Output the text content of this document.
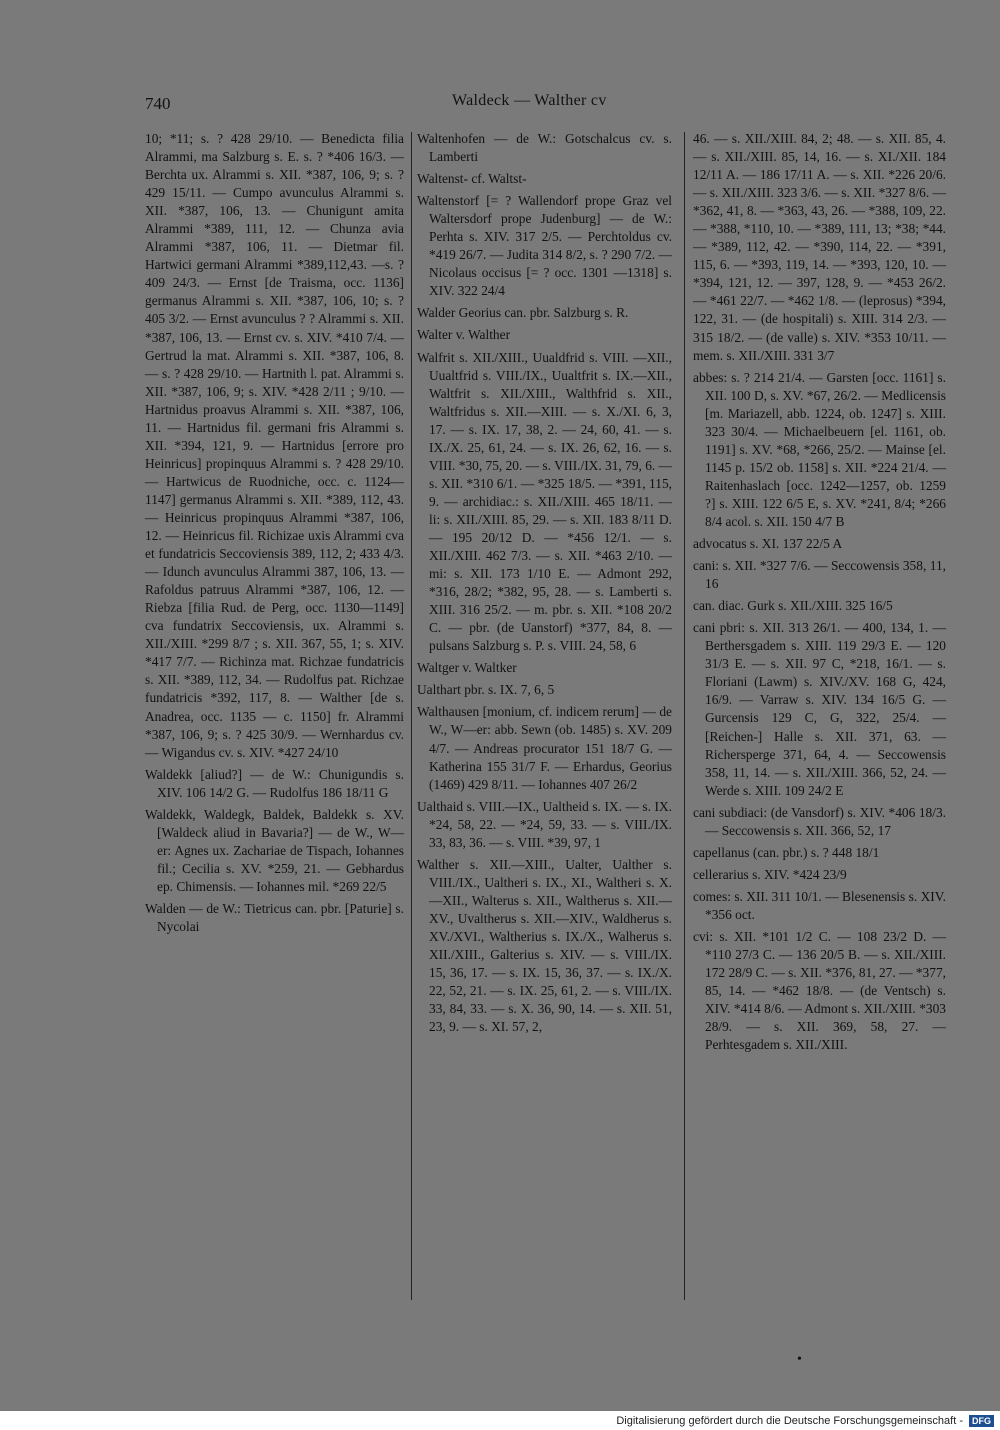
740	Waldeck — Walther cv

10; *11; s. ? 428 29/10. — Benedicta filia Alrammi, ma Salzburg s. E. s. ? *406 16/3. — Berchta ux. Alrammi s. XII. *387, 106, 9; s. ? 429 15/11. — Cumpo avunculus Alrammi s. XII. *387, 106, 13. — Chunigunt amita Alrammi *389, 111, 12. — Chunza avia Alrammi *387, 106, 11. — Dietmar fil. Hartwici germani Alrammi *389,112,43. —s. ? 409 24/3. — Ernst [de Traisma, occ. 1136] germanus Alrammi s. XII. *387, 106, 10; s. ? 405 3/2. — Ernst avunculus ? ? Alrammi s. XII. *387, 106, 13. — Ernst cv. s. XIV. *410 7/4. — Gertrud la mat. Alrammi s. XII. *387, 106, 8. — s. ? 428 29/10. — Hartnith l. pat. Alrammi s. XII. *387, 106, 9; s. XIV. *428 2/11 ; 9/10. — Hartnidus proavus Alrammi s. XII. *387, 106, 11. — Hartnidus fil. germani fris Alrammi s. XII. *394, 121, 9. — Hartnidus [errore pro Heinricus] propinquus Alrammi s. ? 428 29/10. — Hartwicus de Ruodniche, occ. c. 1124—1147] germanus Alrammi s. XII. *389, 112, 43. — Heinricus propinquus Alrammi *387, 106, 12. — Heinricus fil. Richizae uxis Alrammi cva et fundatricis Seccoviensis 389, 112, 2; 433 4/3. — Idunch avunculus Alrammi 387, 106, 13. — Rafoldus patruus Alrammi *387, 106, 12. — Riebza [filia Rud. de Perg, occ. 1130—1149] cva fundatrix Seccoviensis, ux. Alrammi s. XII./XIII. *299 8/7 ; s. XII. 367, 55, 1; s. XIV. *417 7/7. — Richinza mat. Richzae fundatricis s. XII. *389, 112, 34. — Rudolfus pat. Richzae fundatricis *392, 117, 8. — Walther [de s. Anadrea, occ. 1135 — c. 1150] fr. Alrammi *387, 106, 9; s. ? 425 30/9. — Wernhardus cv. — Wigandus cv. s. XIV. *427 24/10

Waldekk [aliud?] — de W.: Chunigundis s. XIV. 106 14/2 G. — Rudolfus 186 18/11 G

Waldekk, Waldegk, Baldek, Baldekk s. XV. [Waldeck aliud in Bavaria?] — de W., W—er: Agnes ux. Zachariae de Tispach, Iohannes fil.; Cecilia s. XV. *259, 21. — Gebhardus ep. Chimensis. — Iohannes mil. *269 22/5

Walden — de W.: Tietricus can. pbr. [Paturie] s. Nycolai

Waltenhofen — de W.: Gotschalcus cv. s. Lamberti

Waltenst- cf. Waltst-

Waltenstorf [= ? Wallendorf prope Graz vel Waltersdorf prope Judenburg] — de W.: Perhta s. XIV. 317 2/5. — Perchtoldus cv. *419 26/7. — Judita 314 8/2, s. ? 290 7/2. — Nicolaus occisus [= ? occ. 1301 —1318] s. XIV. 322 24/4

Walder Georius can. pbr. Salzburg s. R.

Walter v. Walther

Walfrit s. XII./XIII., Uualdfrid s. VIII. —XII., Uualtfrid s. VIII./IX., Uualtfrit s. IX.—XII., Waltfrit s. XII./XIII., Walthfrid s. XII., Waltfridus s. XII.—XIII. — s. X./XI. 6, 3, 17. — s. IX. 17, 38, 2. — 24, 60, 41. — s. IX./X. 25, 61, 24. — s. IX. 26, 62, 16. — s. VIII. *30, 75, 20. — s. VIII./IX. 31, 79, 6. — s. XII. *310 6/1. — *325 18/5. — *391, 115, 9. — archidiac.: s. XII./XIII. 465 18/11. — li: s. XII./XIII. 85, 29. — s. XII. 183 8/11 D. — 195 20/12 D. — *456 12/1. — s. XII./XIII. 462 7/3. — s. XII. *463 2/10. — mi: s. XII. 173 1/10 E. — Admont 292, *316, 28/2; *382, 95, 28. — s. Lamberti s. XIII. 316 25/2. — m. pbr. s. XII. *108 20/2 C. — pbr. (de Uanstorf) *377, 84, 8. — pulsans Salzburg s. P. s. VIII. 24, 58, 6

Waltger v. Waltker

Ualthart pbr. s. IX. 7, 6, 5

Walthausen [monium, cf. indicem rerum] — de W., W—er: abb. Sewn (ob. 1485) s. XV. 209 4/7. — Andreas procurator 151 18/7 G. — Katherina 155 31/7 F. — Erhardus, Georius (1469) 429 8/11. — Iohannes 407 26/2

Ualthaid s. VIII.—IX., Ualtheid s. IX. — s. IX. *24, 58, 22. — *24, 59, 33. — s. VIII./IX. 33, 83, 36. — s. VIII. *39, 97, 1

Walther s. XII.—XIII., Ualter, Ualther s. VIII./IX., Ualtheri s. IX., XI., Waltheri s. X.—XII., Walterus s. XII., Waltherus s. XII.—XV., Uvaltherus s. XII.—XIV., Waldherus s. XV./XVI., Waltherius s. IX./X., Walherus s. XII./XIII., Galterius s. XIV. — s. VIII./IX. 15, 36, 17. — s. IX. 15, 36, 37. — s. IX./X. 22, 52, 21. — s. IX. 25, 61, 2. — s. VIII./IX. 33, 84, 33. — s. X. 36, 90, 14. — s. XII. 51, 23, 9. — s. XI. 57, 2,

46. — s. XII./XIII. 84, 2; 48. — s. XII. 85, 4. — s. XII./XIII. 85, 14, 16. — s. XI./XII. 184 12/11 A. — 186 17/11 A. — s. XII. *226 20/6. — s. XII./XIII. 323 3/6. — s. XII. *327 8/6. — *362, 41, 8. — *363, 43, 26. — *388, 109, 22. — *388, *110, 10. — *389, 111, 13; *38; *44. — *389, 112, 42. — *390, 114, 22. — *391, 115, 6. — *393, 119, 14. — *393, 120, 10. — *394, 121, 12. — 397, 128, 9. — *453 26/2. — *461 22/7. — *462 1/8. — (leprosus) *394, 122, 31. — (de hospitali) s. XIII. 314 2/3. — 315 18/2. — (de valle) s. XIV. *353 10/11. — mem. s. XII./XIII. 331 3/7

abbes: s. ? 214 21/4. — Garsten [occ. 1161] s. XII. 100 D, s. XV. *67, 26/2. — Medlicensis [m. Mariazell, abb. 1224, ob. 1247] s. XIII. 323 30/4. — Michaelbeuern [el. 1161, ob. 1191] s. XV. *68, *266, 25/2. — Mainse [el. 1145 p. 15/2 ob. 1158] s. XII. *224 21/4. — Raitenhaslach [occ. 1242—1257, ob. 1259 ?] s. XIII. 122 6/5 E, s. XV. *241, 8/4; *266 8/4 acol. s. XII. 150 4/7 B

advocatus s. XI. 137 22/5 A

cani: s. XII. *327 7/6. — Seccowensis 358, 11, 16

can. diac. Gurk s. XII./XIII. 325 16/5

cani pbri: s. XII. 313 26/1. — 400, 134, 1. — Berthersgadem s. XIII. 119 29/3 E. — 120 31/3 E. — s. XII. 97 C, *218, 16/1. — s. Floriani (Lawm) s. XIV./XV. 168 G, 424, 16/9. — Varraw s. XIV. 134 16/5 G. — Gurcensis 129 C, G, 322, 25/4. — [Reichen-] Halle s. XII. 371, 63. — Richersperge 371, 64, 4. — Seccowensis 358, 11, 14. — s. XII./XIII. 366, 52, 24. — Werde s. XIII. 109 24/2 E

cani subdiaci: (de Vansdorf) s. XIV. *406 18/3. — Seccowensis s. XII. 366, 52, 17

capellanus (can. pbr.) s. ? 448 18/1

cellerarius s. XIV. *424 23/9

comes: s. XII. 311 10/1. — Blesenensis s. XIV. *356 oct.

cvi: s. XII. *101 1/2 C. — 108 23/2 D. — *110 27/3 C. — 136 20/5 B. — s. XII./XIII. 172 28/9 C. — s. XII. *376, 81, 27. — *377, 85, 14. — *462 18/8. — (de Ventsch) s. XIV. *414 8/6. — Admont s. XII./XIII. *303 28/9. — s. XII. 369, 58, 27. — Perhtesgadem s. XII./XIII.

•
Digitalisierung gefördert durch die Deutsche Forschungsgemeinschaft -	DFG
